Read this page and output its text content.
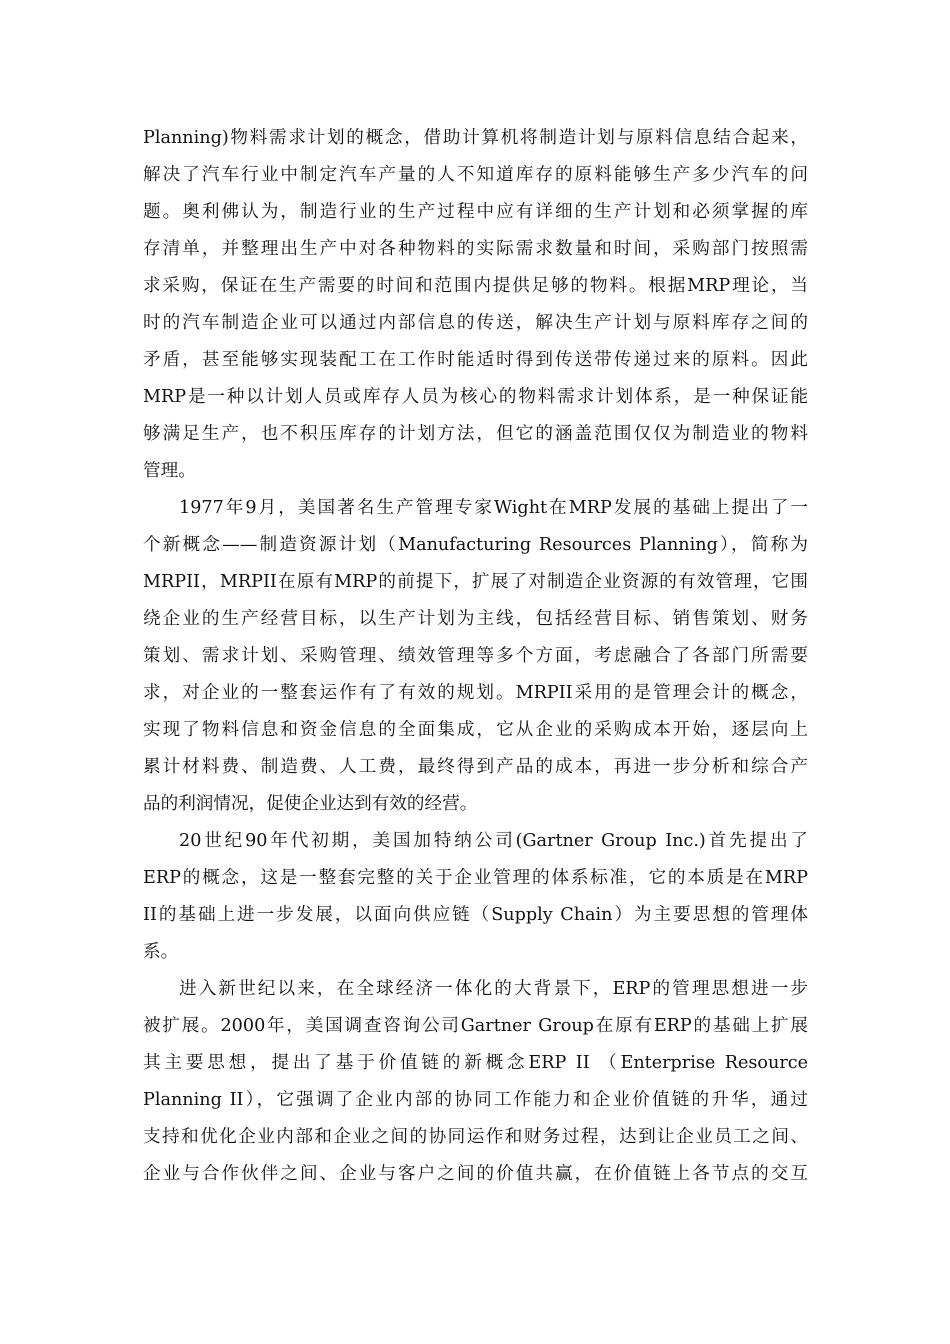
Planning)物料需求计划的概念，借助计算机将制造计划与原料信息结合起来，
解决了汽车行业中制定汽车产量的人不知道库存的原料能够生产多少汽车的问
题。奥利佛认为，制造行业的生产过程中应有详细的生产计划和必须掌握的库
存清单，并整理出生产中对各种物料的实际需求数量和时间，采购部门按照需
求采购，保证在生产需要的时间和范围内提供足够的物料。根据MRP理论，当
时的汽车制造企业可以通过内部信息的传送，解决生产计划与原料库存之间的
矛盾，甚至能够实现装配工在工作时能适时得到传送带传递过来的原料。因此
MRP是一种以计划人员或库存人员为核心的物料需求计划体系，是一种保证能
够满足生产，也不积压库存的计划方法，但它的涵盖范围仅仅为制造业的物料
管理。
1977年9月，美国著名生产管理专家Wight在MRP发展的基础上提出了一
个新概念——制造资源计划（Manufacturing Resources Planning），简称为
MRPII，MRPII在原有MRP的前提下，扩展了对制造企业资源的有效管理，它围
绕企业的生产经营目标，以生产计划为主线，包括经营目标、销售策划、财务
策划、需求计划、采购管理、绩效管理等多个方面，考虑融合了各部门所需要
求，对企业的一整套运作有了有效的规划。MRPII采用的是管理会计的概念，
实现了物料信息和资金信息的全面集成，它从企业的采购成本开始，逐层向上
累计材料费、制造费、人工费，最终得到产品的成本，再进一步分析和综合产
品的利润情况，促使企业达到有效的经营。
20世纪90年代初期，美国加特纳公司(Gartner Group Inc.)首先提出了
ERP的概念，这是一整套完整的关于企业管理的体系标准，它的本质是在MRP
II的基础上进一步发展，以面向供应链（Supply Chain）为主要思想的管理体
系。
进入新世纪以来，在全球经济一体化的大背景下，ERP的管理思想进一步
被扩展。2000年，美国调查咨询公司Gartner Group在原有ERP的基础上扩展
其主要思想，提出了基于价值链的新概念ERP II （Enterprise Resource
Planning II），它强调了企业内部的协同工作能力和企业价值链的升华，通过
支持和优化企业内部和企业之间的协同运作和财务过程，达到让企业员工之间、
企业与合作伙伴之间、企业与客户之间的价值共赢，在价值链上各节点的交互
